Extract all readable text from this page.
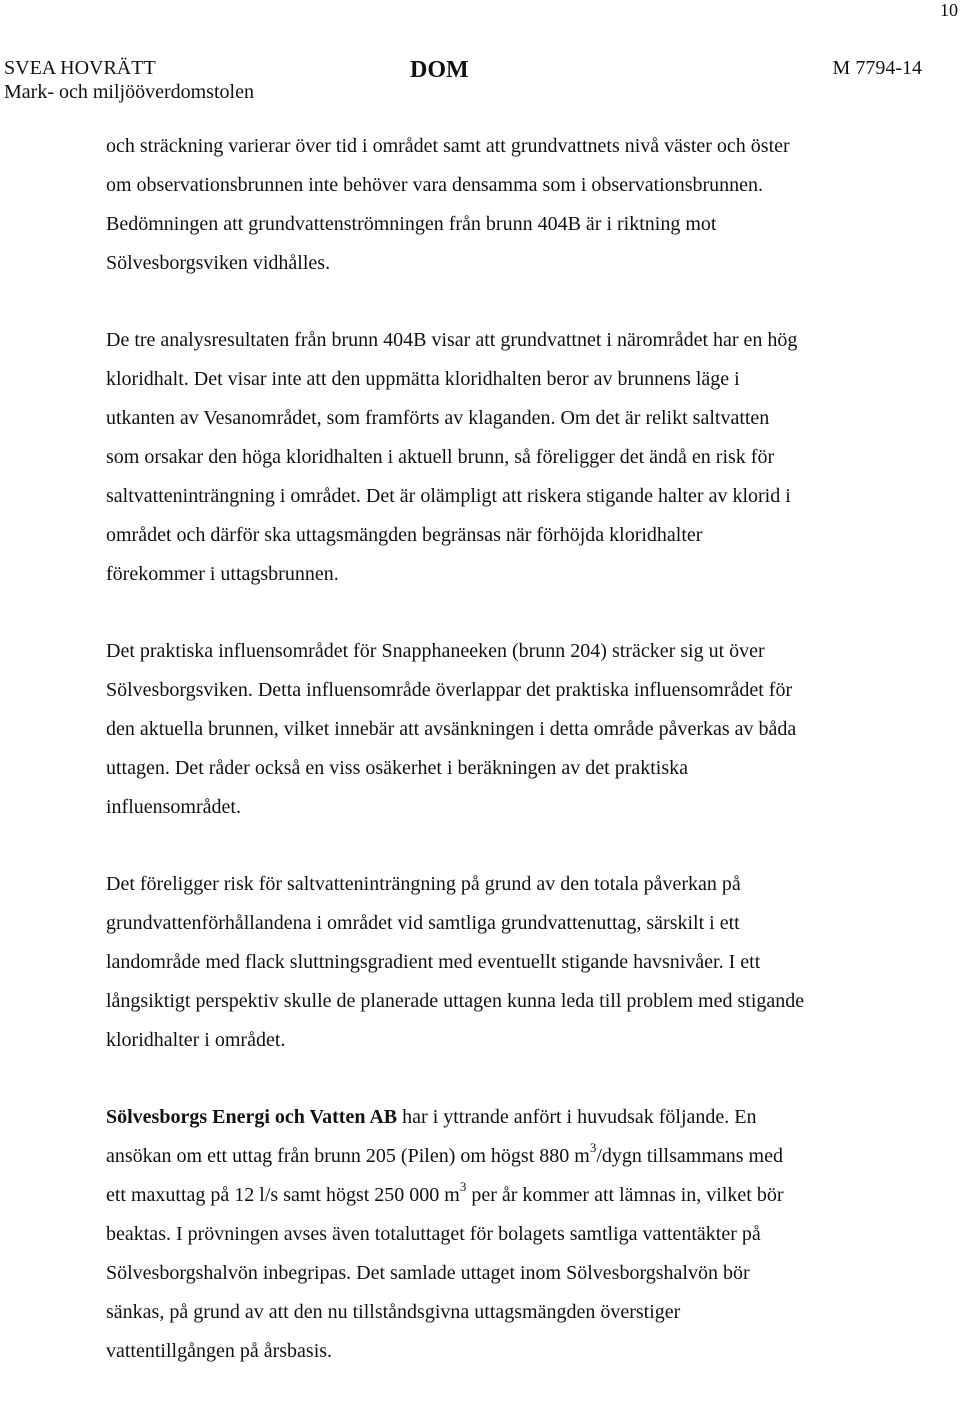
10
SVEA HOVRÄTT
Mark- och miljööverdomstolen
DOM	M 7794-14

och sträckning varierar över tid i området samt att grundvattnets nivå väster och öster
om observationsbrunnen inte behöver vara densamma som i observationsbrunnen.
Bedömningen att grundvattenströmningen från brunn 404B är i riktning mot
Sölvesborgsviken vidhålles.

De tre analysresultaten från brunn 404B visar att grundvattnet i närområdet har en hög
kloridhalt. Det visar inte att den uppmätta kloridhalten beror av brunnens läge i
utkanten av Vesanområdet, som framförts av klaganden. Om det är relikt saltvatten
som orsakar den höga kloridhalten i aktuell brunn, så föreligger det ändå en risk för
saltvatteninträngning i området. Det är olämpligt att riskera stigande halter av klorid i
området och därför ska uttagsmängden begränsas när förhöjda kloridhalter
förekommer i uttagsbrunnen.

Det praktiska influensområdet för Snapphaneeken (brunn 204) sträcker sig ut över
Sölvesborgsviken. Detta influensområde överlappar det praktiska influensområdet för
den aktuella brunnen, vilket innebär att avsänkningen i detta område påverkas av båda
uttagen. Det råder också en viss osäkerhet i beräkningen av det praktiska
influensområdet.

Det föreligger risk för saltvatteninträngning på grund av den totala påverkan på
grundvattenförhållandena i området vid samtliga grundvattenuttag, särskilt i ett
landområde med flack sluttningsgradient med eventuellt stigande havsnivåer. I ett
långsiktigt perspektiv skulle de planerade uttagen kunna leda till problem med stigande
kloridhalter i området.

Sölvesborgs Energi och Vatten AB har i yttrande anfört i huvudsak följande. En
ansökan om ett uttag från brunn 205 (Pilen) om högst 880 $m^3$/dygn tillsammans med
ett maxuttag på 12 l/s samt högst 250 000 $m^3$ per år kommer att lämnas in, vilket bör
beaktas. I prövningen avses även totaluttaget för bolagets samtliga vattentäkter på
Sölvesborgshalvön inbegripas. Det samlade uttaget inom Sölvesborgshalvön bör
sänkas, på grund av att den nu tillståndsgivna uttagsmängden överstiger
vattentillgången på årsbasis.
